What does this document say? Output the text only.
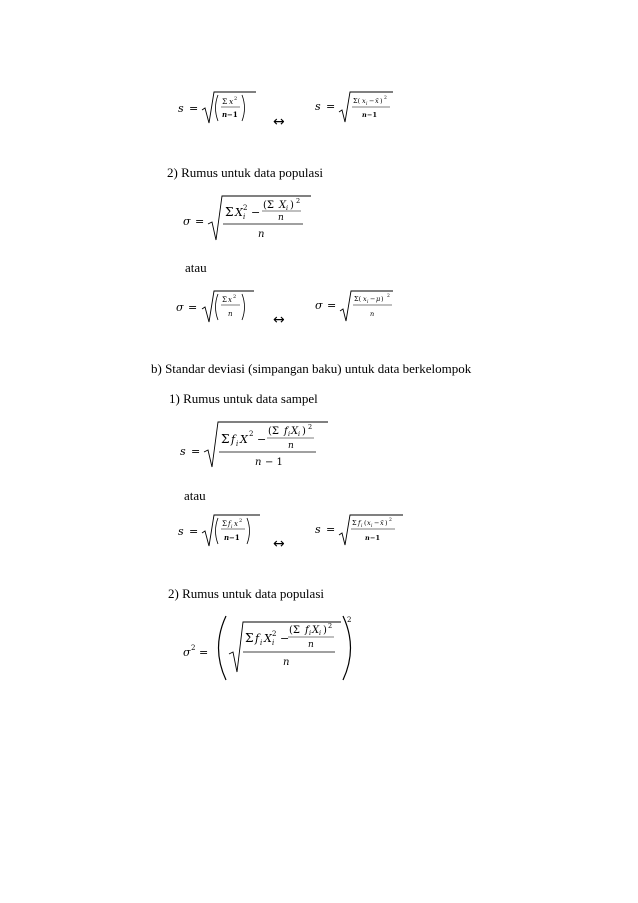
s =
Σ x 2
n −1	↔
s =	Σ( x i − x̄ ) 2
n −1
2) Rumus untuk data populasi
σ =
Σ X i
2 −
(Σ X i ) 2
n
n
atau
σ =
Σ x 2
n	↔
σ =	Σ( x i − μ ) 2
n
b) Standar deviasi (simpangan baku) untuk data berkelompok
1) Rumus untuk data sampel
s =
Σ f i X 2 −
(Σ f i X i ) 2
n
n − 1
atau
s =
Σ f i x 2
n −1 ↔
s =	Σ f i ( x i − x̄ ) 2
n −1
2) Rumus untuk data populasi
σ 2 =
Σ f i X i
2 −
(Σ f i X i ) 2
n
n
2
